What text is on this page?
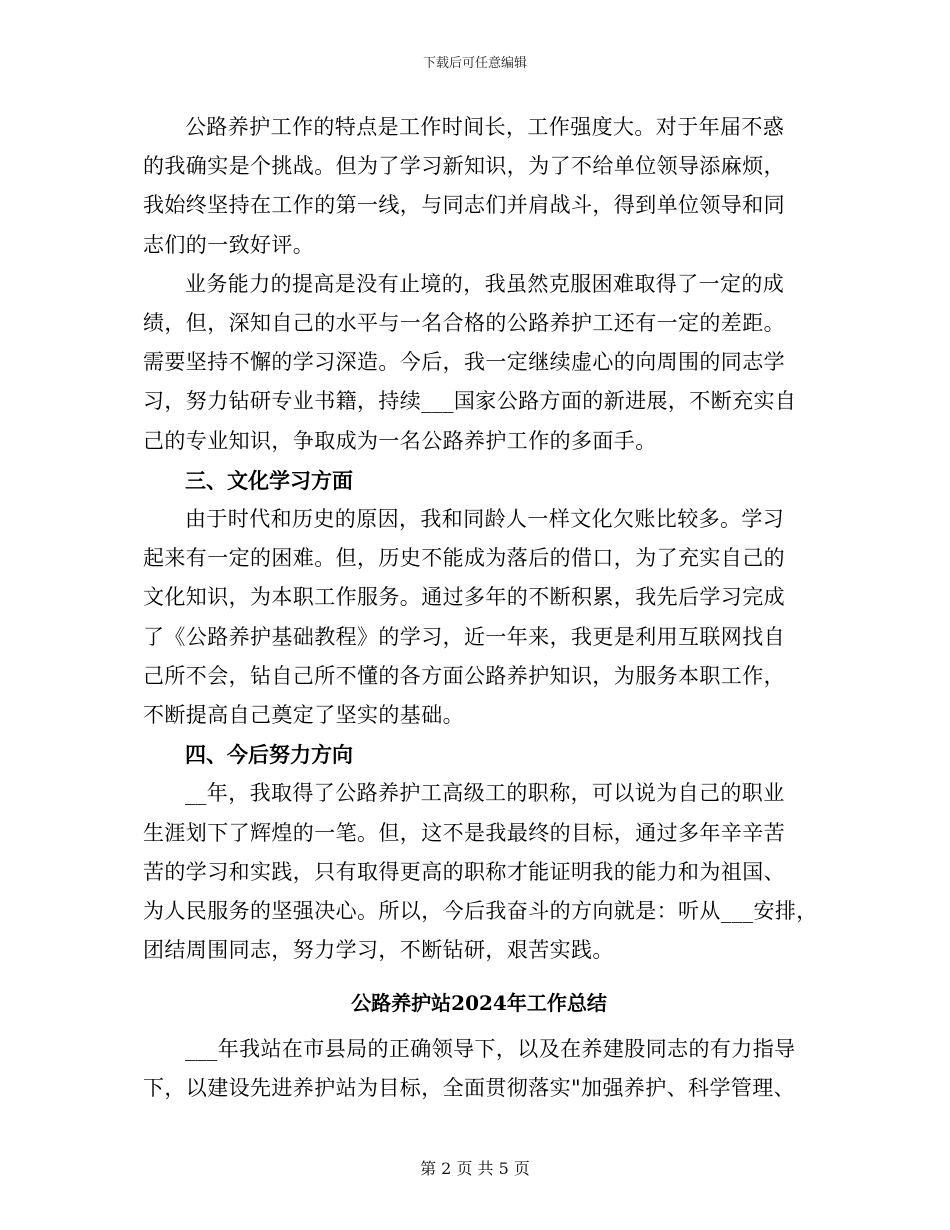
下载后可任意编辑

公路养护工作的特点是工作时间长，工作强度大。对于年届不惑
的我确实是个挑战。但为了学习新知识，为了不给单位领导添麻烦，
我始终坚持在工作的第一线，与同志们并肩战斗，得到单位领导和同
志们的一致好评。

业务能力的提高是没有止境的，我虽然克服困难取得了一定的成
绩，但，深知自己的水平与一名合格的公路养护工还有一定的差距。
需要坚持不懈的学习深造。今后，我一定继续虚心的向周围的同志学
习，努力钻研专业书籍，持续___国家公路方面的新进展，不断充实自
己的专业知识，争取成为一名公路养护工作的多面手。

三、文化学习方面

由于时代和历史的原因，我和同龄人一样文化欠账比较多。学习
起来有一定的困难。但，历史不能成为落后的借口，为了充实自己的
文化知识，为本职工作服务。通过多年的不断积累，我先后学习完成
了《公路养护基础教程》的学习，近一年来，我更是利用互联网找自
己所不会，钻自己所不懂的各方面公路养护知识，为服务本职工作，
不断提高自己奠定了坚实的基础。

四、今后努力方向

__年，我取得了公路养护工高级工的职称，可以说为自己的职业
生涯划下了辉煌的一笔。但，这不是我最终的目标，通过多年辛辛苦
苦的学习和实践，只有取得更高的职称才能证明我的能力和为祖国、
为人民服务的坚强决心。所以，今后我奋斗的方向就是：听从___安排，
团结周围同志，努力学习，不断钻研，艰苦实践。

公路养护站2024年工作总结

___年我站在市县局的正确领导下，以及在养建股同志的有力指导
下，以建设先进养护站为目标，全面贯彻落实"加强养护、科学管理、

第 2 页 共 5 页
